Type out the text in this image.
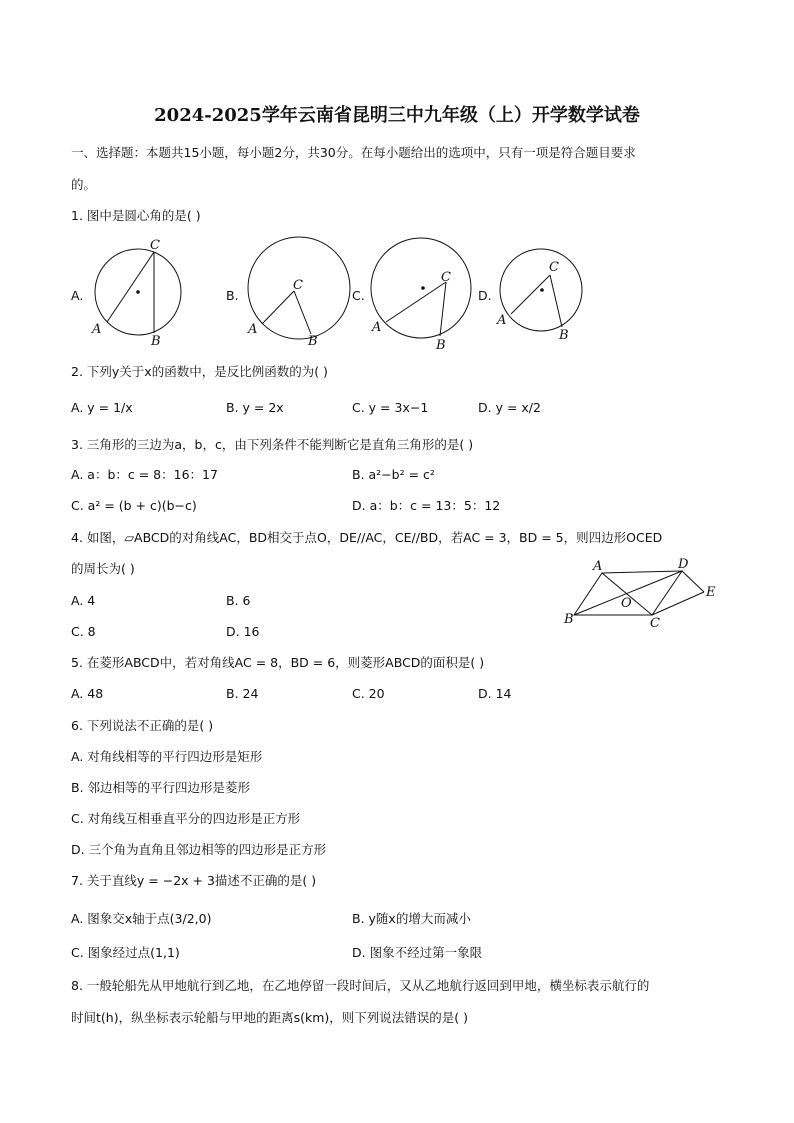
2024-2025学年云南省昆明三中九年级（上）开学数学试卷
一、选择题：本题共15小题，每小题2分，共30分。在每小题给出的选项中，只有一项是符合题目要求
的。
1. 图中是圆心角的是( )
A.
C
A
B
B.
C
A
B
C.
C
A
B
D.
C
A
B
2. 下列y关于x的函数中，是反比例函数的为( )
A. y = 1/x	B. y = 2x	C. y = 3x−1	D. y = x/2
3. 三角形的三边为a，b，c，由下列条件不能判断它是直角三角形的是( )
A. a：b：c = 8：16：17	B. a²−b² = c²
C. a² = (b + c)(b−c)	D. a：b：c = 13：5：12
4. 如图，▱ABCD的对角线AC，BD相交于点O，DE//AC，CE//BD，若AC = 3，BD = 5，则四边形OCED
的周长为( )
A. 4	B. 6
C. 8	D. 16
A	D
E
O
B	C
5. 在菱形ABCD中，若对角线AC = 8，BD = 6，则菱形ABCD的面积是( )
A. 48	B. 24	C. 20	D. 14
6. 下列说法不正确的是( )
A. 对角线相等的平行四边形是矩形
B. 邻边相等的平行四边形是菱形
C. 对角线互相垂直平分的四边形是正方形
D. 三个角为直角且邻边相等的四边形是正方形
7. 关于直线y = −2x + 3描述不正确的是( )
A. 图象交x轴于点(3/2,0)	B. y随x的增大而减小
C. 图象经过点(1,1)	D. 图象不经过第一象限
8. 一般轮船先从甲地航行到乙地，在乙地停留一段时间后，又从乙地航行返回到甲地，横坐标表示航行的
时间t(h)，纵坐标表示轮船与甲地的距离s(km)，则下列说法错误的是( )
